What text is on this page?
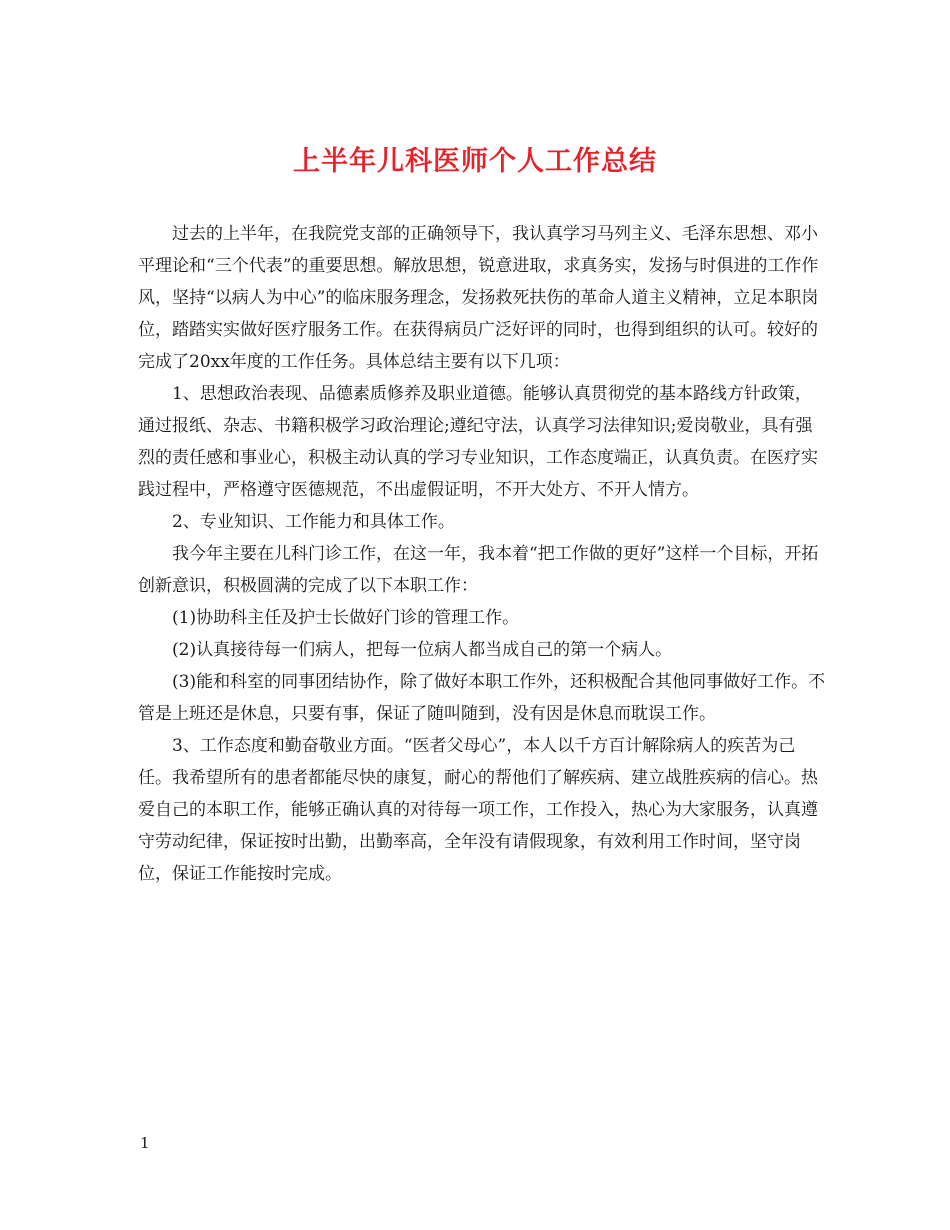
上半年儿科医师个人工作总结

过去的上半年，在我院党支部的正确领导下，我认真学习马列主义、毛泽东思想、邓小平理论和“三个代表”的重要思想。解放思想，锐意进取，求真务实，发扬与时俱进的工作作风，坚持“以病人为中心”的临床服务理念，发扬救死扶伤的革命人道主义精神，立足本职岗位，踏踏实实做好医疗服务工作。在获得病员广泛好评的同时，也得到组织的认可。较好的完成了20xx年度的工作任务。具体总结主要有以下几项：

1、思想政治表现、品德素质修养及职业道德。能够认真贯彻党的基本路线方针政策，通过报纸、杂志、书籍积极学习政治理论;遵纪守法，认真学习法律知识;爱岗敬业，具有强烈的责任感和事业心，积极主动认真的学习专业知识，工作态度端正，认真负责。在医疗实践过程中，严格遵守医德规范，不出虚假证明，不开大处方、不开人情方。

2、专业知识、工作能力和具体工作。

我今年主要在儿科门诊工作，在这一年，我本着“把工作做的更好”这样一个目标，开拓创新意识，积极圆满的完成了以下本职工作：

(1)协助科主任及护士长做好门诊的管理工作。

(2)认真接待每一们病人，把每一位病人都当成自己的第一个病人。

(3)能和科室的同事团结协作，除了做好本职工作外，还积极配合其他同事做好工作。不管是上班还是休息，只要有事，保证了随叫随到，没有因是休息而耽误工作。

3、工作态度和勤奋敬业方面。“医者父母心”，本人以千方百计解除病人的疾苦为己任。我希望所有的患者都能尽快的康复，耐心的帮他们了解疾病、建立战胜疾病的信心。热爱自己的本职工作，能够正确认真的对待每一项工作，工作投入，热心为大家服务，认真遵守劳动纪律，保证按时出勤，出勤率高，全年没有请假现象，有效利用工作时间，坚守岗位，保证工作能按时完成。

1
